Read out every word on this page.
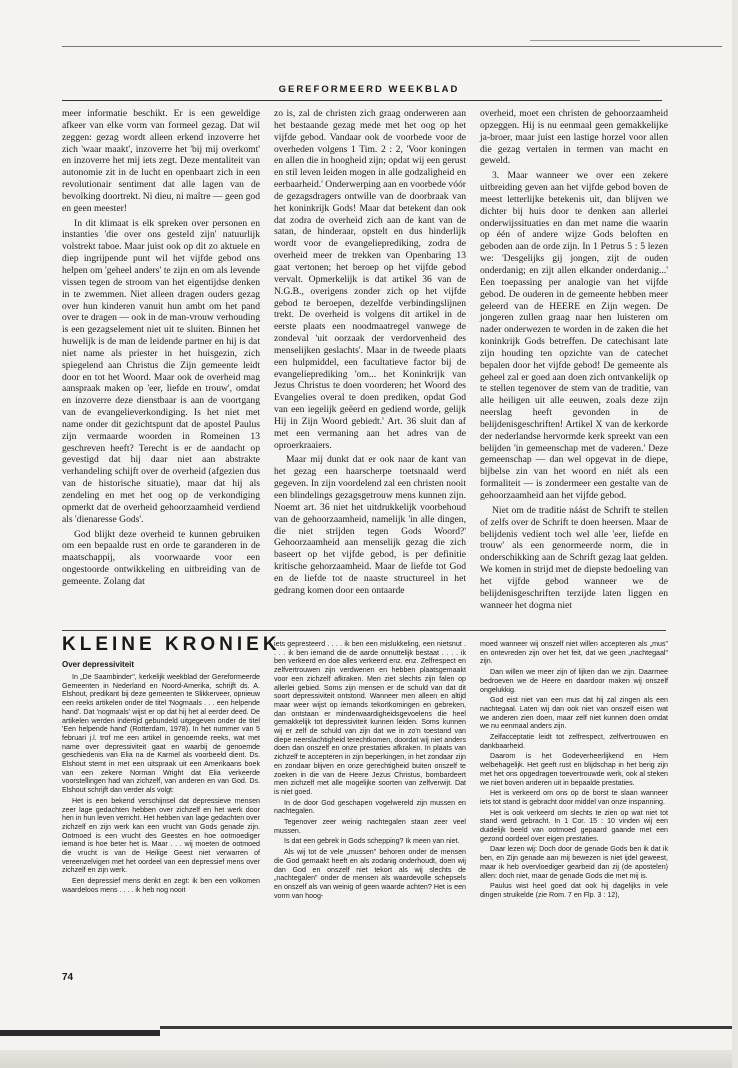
GEREFORMEERD WEEKBLAD

meer informatie beschikt. Er is een geweldige afkeer van elke vorm van formeel gezag. Dat wil zeggen: gezag wordt alleen erkend inzoverre het zich 'waar maakt', inzoverre het 'bij mij overkomt' en inzoverre het mij iets zegt. Deze mentaliteit van autonomie zit in de lucht en openbaart zich in een revolutionair sentiment dat alle lagen van de bevolking doortrekt. Ni dieu, ni maître — geen god en geen meester!

In dit klimaat is elk spreken over personen en instanties 'die over ons gesteld zijn' natuurlijk volstrekt taboe. Maar juist ook op dit zo aktuele en diep ingrijpende punt wil het vijfde gebod ons helpen om 'geheel anders' te zijn en om als levende vissen tegen de stroom van het eigentijdse denken in te zwemmen. Niet alleen dragen ouders gezag over hun kinderen vanuit hun ambt om het pand over te dragen — ook in de man-vrouw verhouding is een gezagselement niet uit te sluiten. Binnen het huwelijk is de man de leidende partner en hij is dat niet name als priester in het huisgezin, zich spiegelend aan Christus die Zijn gemeente leidt door en tot het Woord. Maar ook de overheid mag aanspraak maken op 'eer, liefde en trouw', omdat en inzoverre deze dienstbaar is aan de voortgang van de evangelieverkondiging. Is het niet met name onder dit gezichtspunt dat de apostel Paulus zijn vermaarde woorden in Romeinen 13 geschreven heeft? Terecht is er de aandacht op gevestigd dat hij daar niet aan abstrakte verhandeling schijft over de overheid (afgezien dus van de historische situatie), maar dat hij als zendeling en met het oog op de verkondiging opmerkt dat de overheid gehoorzaamheid verdiend als 'dienaresse Gods'.

God blijkt deze overheid te kunnen gebruiken om een bepaalde rust en orde te garanderen in de maatschappij, als voorwaarde voor een ongestoorde ontwikkeling en uitbreiding van de gemeente. Zolang dat

zo is, zal de christen zich graag onderweren aan het bestaande gezag mede met het oog op het vijfde gebod. Vandaar ook de voorbede voor de overheden volgens 1 Tim. 2 : 2, 'Voor koningen en allen die in hoogheid zijn; opdat wij een gerust en stil leven leiden mogen in alle godzaligheid en eerbaarheid.' Onderwerping aan en voorbede vóór de gezagsdragers ontwille van de doorbraak van het koninkrijk Gods! Maar dat betekent dan ook dat zodra de overheid zich aan de kant van de satan, de hinderaar, opstelt en dus hinderlijk wordt voor de evangelieprediking, zodra de overheid meer de trekken van Openbaring 13 gaat vertonen; het beroep op het vijfde gebod vervalt. Opmerkelijk is dat artikel 36 van de N.G.B., overigens zonder zich op het vijfde gebod te beroepen, dezelfde verbindingslijnen trekt. De overheid is volgens dit artikel in de eerste plaats een noodmaatregel vanwege de zondeval 'uit oorzaak der verdorvenheid des menselijken geslachts'. Maar in de tweede plaats een hulpmiddel, een facultatieve factor bij de evangelieprediking 'om... het Koninkrijk van Jezus Christus te doen voorderen; het Woord des Evangelies overal te doen prediken, opdat God van een iegelijk geëerd en gediend worde, gelijk Hij in Zijn Woord gebiedt.' Art. 36 sluit dan af met een vermaning aan het adres van de oproerkraaiers.

Maar mij dunkt dat er ook naar de kant van het gezag een haarscherpe toetsnaald werd gegeven. In zijn voordelend zal een christen nooit een blindelings gezagsgetrouw mens kunnen zijn. Noemt art. 36 niet het uitdrukkelijk voorbehoud van de gehoorzaamheid, namelijk 'in alle dingen, die niet strijden tegen Gods Woord?' Gehoorzaamheid aan menselijk gezag die zich baseert op het vijfde gebod, is per definitie kritische gehorzaamheid. Maar de liefde tot God en de liefde tot de naaste structureel in het gedrang komen door een ontaarde

overheid, moet een christen de gehoorzaamheid opzeggen. Hij is nu eenmaal geen gemakkelijke ja-broer, maar juist een lastige horzel voor allen die gezag vertalen in termen van macht en geweld.

3. Maar wanneer we over een zekere uitbreiding geven aan het vijfde gebod boven de meest letterlijke betekenis uit, dan blijven we dichter bij huis door te denken aan allerlei onderwijssituaties en dan met name die waarin op één of andere wijze Gods beloften en geboden aan de orde zijn. In 1 Petrus 5 : 5 lezen we: 'Desgelijks gij jongen, zijt de ouden onderdanig; en zijt allen elkander onderdanig...' Een toepassing per analogie van het vijfde gebod. De ouderen in de gemeente hebben meer geleerd van de HEERE en Zijn wegen. De jongeren zullen graag naar hen luisteren om nader onderwezen te worden in de zaken die het koninkrijk Gods betreffen. De catechisant late zijn houding ten opzichte van de catechet bepalen door het vijfde gebod! De gemeente als geheel zal er goed aan doen zich ontvankelijk op te stellen tegenover de stem van de traditie, van alle heiligen uit alle eeuwen, zoals deze zijn neerslag heeft gevonden in de belijdenisgeschriften! Artikel X van de kerkorde der nederlandse hervormde kerk spreekt van een belijden 'in gemeenschap met de vaderen.' Deze gemeenschap — dan wel opgevat in de diepe, bijbelse zin van het woord en niét als een formaliteit — is zondermeer een gestalte van de gehoorzaamheid aan het vijfde gebod.

Niet om de traditie náást de Schrift te stellen of zelfs over de Schrift te doen heersen. Maar de belijdenis vedient toch wel alle 'eer, liefde en trouw' als een genormeerde norm, die in onderschikking aan de Schrift gezag laat gelden. We komen in strijd met de diepste bedoeling van het vijfde gebod wanneer we de belijdenisgeschriften terzijde laten liggen en wanneer het dogma niet

KLEINE KRONIEK
Over depressiviteit

In „De Saambinder", kerkelijk weekblad der Gereformeerde Gemeenten in Nederland en Noord-Amerika, schrijft ds. A. Elshout, predikant bij deze gemeenten te Slikkerveer, opnieuw een reeks artikelen onder de titel 'Nogmaals . . . een helpende hand'. Dat 'nogmaals' wijst er op dat hij het al eerder deed. De artikelen werden indertijd gebundeld uitgegeven onder de titel 'Een helpende hand' (Rotterdam, 1978). In het nummer van 5 februari j.l. trof me een artikel in genoemde reeks, wat met name over depressiviteit gaat en waarbij de genoemde geschiedenis van Elia na de Karmel als voorbeeld dient. Ds. Elshout stemt in met een uitspraak uit een Amerikaans boek van een zekere Norman Wright dat Elia verkeerde voorstellingen had van zichzelf, van anderen en van God. Ds. Elshout schrijft dan verder als volgt:

Het is een bekend verschijnsel dat depressieve mensen zeer lage gedachten hebben over zichzelf en het werk door hen in hun leven verricht. Het hebben van lage gedachten over zichzelf en zijn werk kan een vrucht van Gods genade zijn. Ootmoed is een vrucht des Geestes en hoe ootmoediger iemand is hoe beter het is. Maar . . . wij moeten de ootmoed die vrucht is van de Heilige Geest niet verwarren of vereenzelvigen met het oordeel van een depressief mens over zichzelf en zijn werk.

Een depressief mens denkt en zegt: ik ben een volkomen waardeloos mens . . . . ik heb nog nooit

iets gepresteerd . . . . ik ben een mislukkeling, een nietsnut . . . . ik ben iemand die de aarde onnuttelijk bestaat . . . . ik ben verkeerd en doe alles verkeerd enz. enz. Zelfrespect en zelfvertrouwen zijn verdwenen en hebben plaatsgemaakt voor een zichzelf afkraken. Men ziet slechts zijn falen op allerlei gebied. Soms zijn mensen er de schuld van dat dit soort depressiviteit ontstond. Wanneer men alleen en altijd maar weer wijst op iemands tekortkomingen en gebreken, dan ontstaan er minderwaardigheidsgevoelens die heel gemakkelijk tot depressiviteit kunnen leiden. Soms kunnen wij er zelf de schuld van zijn dat we in zo'n toestand van diepe neerslachtigheid terechtkomen, doordat wij niet anders doen dan onszelf en onze prestaties afkraken. In plaats van zichzelf te accepteren in zijn beperkingen, in het zondaar zijn en zondaar blijven en onze gerechtigheid buiten onszelf te zoeken in die van de Heere Jezus Christus, bombardeert men zichzelf met alle mogelijke soorten van zelfverwijt. Dat is niet goed.

In de door God geschapen vogelwereld zijn mussen en nachtegalen.

Tegenover zeer weinig nachtegalen staan zeer veel mussen.

Is dat een gebrek in Gods schepping? Ik meen van niet.

Als wij tot de vele „mussen" behoren onder de mensen die God gemaakt heeft en als zodanig onderhoudt, doen wij dan God en onszelf niet tekort als wij slechts de „nachtegalen" onder de mensen als waardevolle schepsels en onszelf als van weinig of geen waarde achten? Het is een vorm van hoog-

moed wanneer wij onszelf niet willen accepteren als „mus" en ontevreden zijn over het feit, dat we geen „nachtegaal" zijn.

Dan willen we meer zijn of lijken dan we zijn. Daarmee bedroeven we de Heere en daardoor maken wij onszelf ongelukkig.

God eist niet van een mus dat hij zal zingen als een nachtegaal. Laten wij dan ook niet van onszelf eisen wat we anderen zien doen, maar zelf niet kunnen doen omdat we nu eenmaal anders zijn.

Zelfacceptatie leidt tot zelfrespect, zelfvertrouwen en dankbaarheid.

Daarom is het Godeverheerlijkend en Hem welbehagelijk. Het geeft rust en blijdschap in het berig zijn met het ons opgedragen toevertrouwde werk, ook al steken we niet boven anderen uit in bepaalde prestaties.

Het is verkeerd om ons op de borst te slaan wanneer iets tot stand is gebracht door middel van onze inspanning.

Het is ook verkeerd om slechts te zien op wat niet tot stand werd gebracht. In 1 Cor. 15 : 10 vinden wij een duidelijk beeld van ootmoed gepaard gaande met een gezond oordeel over eigen prestaties.

Daar lezen wij: Doch door de genade Gods ben ik dat ik ben, en Zijn genade aan mij bewezen is niet ijdel geweest, maar ik heb overvloediger gearbeid dan zij (de apostelen) allen: doch niet, maar de genade Gods die met mij is.

Paulus wist heel goed dat ook hij dagelijks in vele dingen struikelde (zie Rom. 7 en Flp. 3 : 12),

74
